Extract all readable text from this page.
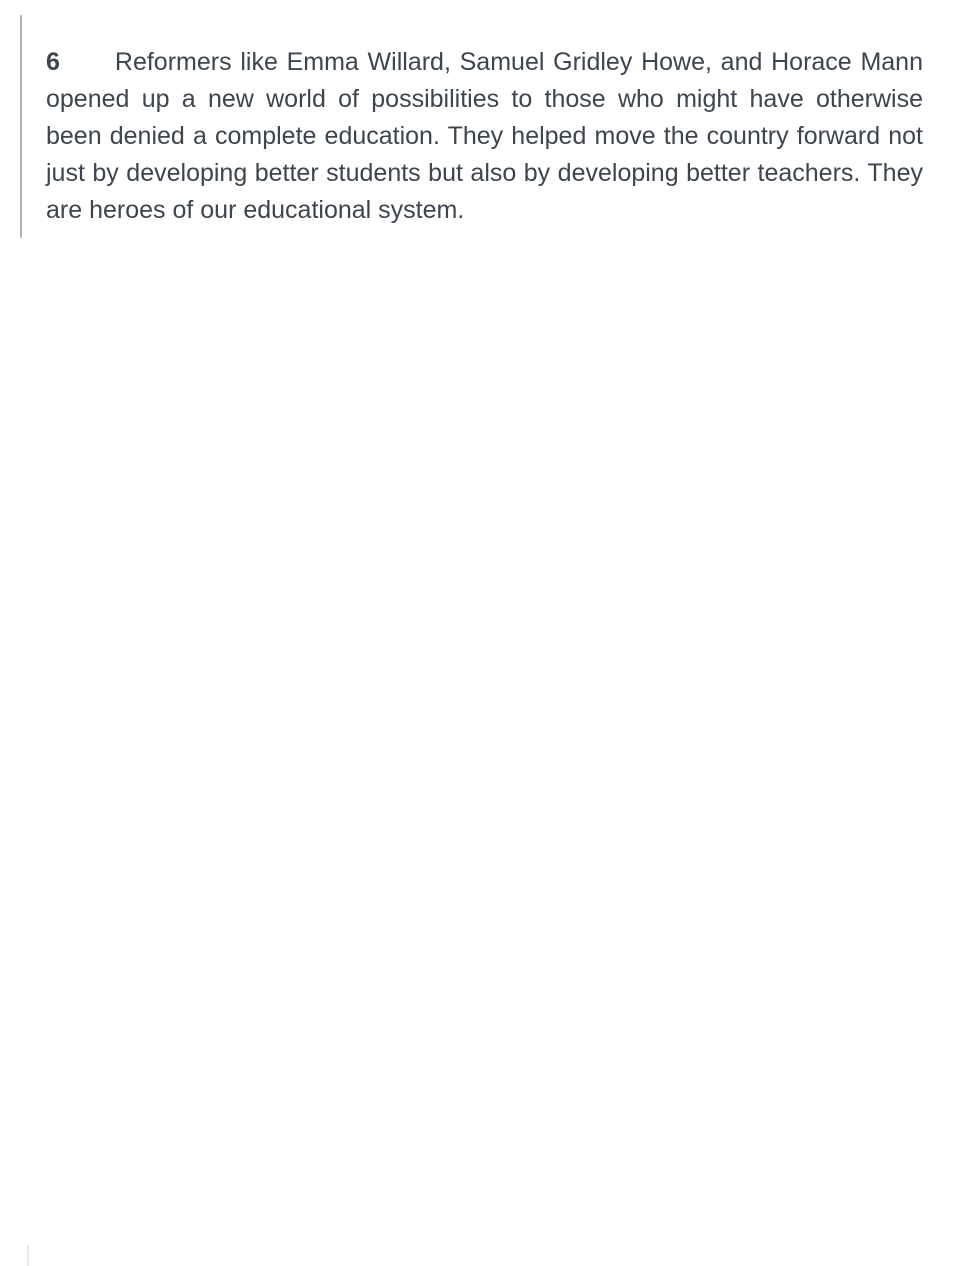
6 Reformers like Emma Willard, Samuel Gridley Howe, and Horace Mann
opened up a new world of possibilities to those who might have otherwise
been denied a complete education. They helped move the country forward not
just by developing better students but also by developing better teachers. They
are heroes of our educational system.
